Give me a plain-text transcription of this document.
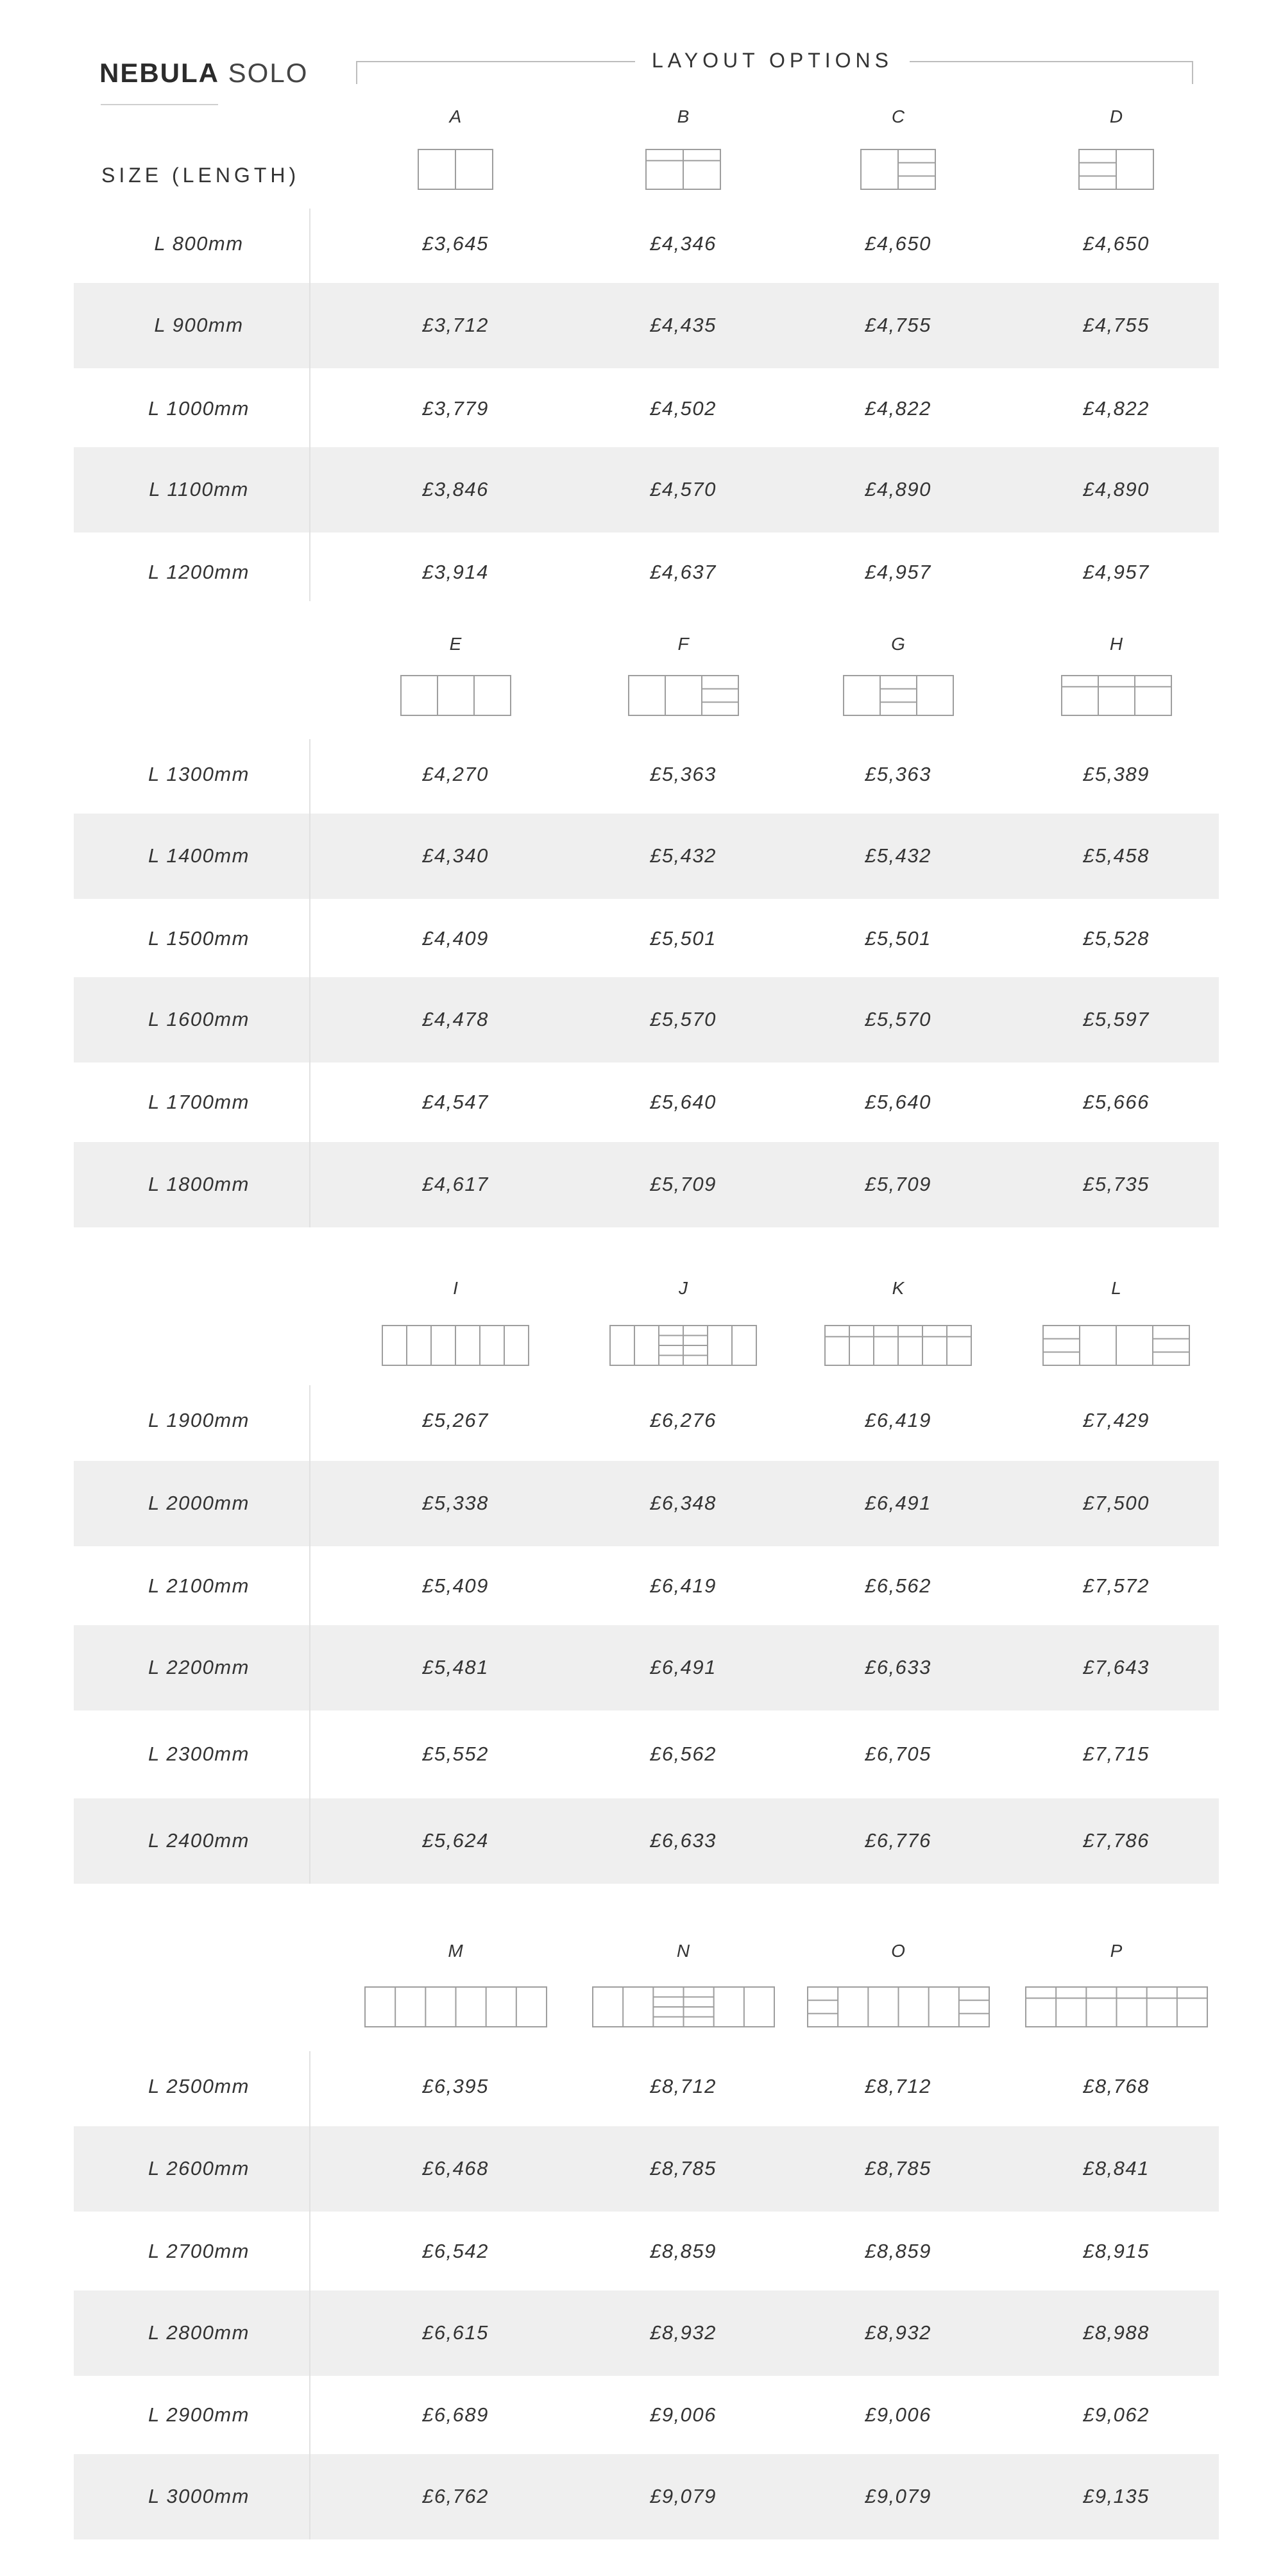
NEBULA SOLO	LAYOUT OPTIONS
SIZE (LENGTH)
A	B	C	D
L 800mm	£3,645	£4,346	£4,650	£4,650
L 900mm	£3,712	£4,435	£4,755	£4,755
L 1000mm	£3,779	£4,502	£4,822	£4,822
L 1100mm	£3,846	£4,570	£4,890	£4,890
L 1200mm	£3,914	£4,637	£4,957	£4,957
E	F	G	H
L 1300mm	£4,270	£5,363	£5,363	£5,389
L 1400mm	£4,340	£5,432	£5,432	£5,458
L 1500mm	£4,409	£5,501	£5,501	£5,528
L 1600mm	£4,478	£5,570	£5,570	£5,597
L 1700mm	£4,547	£5,640	£5,640	£5,666
L 1800mm	£4,617	£5,709	£5,709	£5,735
I	J	K	L
L 1900mm	£5,267	£6,276	£6,419	£7,429
L 2000mm	£5,338	£6,348	£6,491	£7,500
L 2100mm	£5,409	£6,419	£6,562	£7,572
L 2200mm	£5,481	£6,491	£6,633	£7,643
L 2300mm	£5,552	£6,562	£6,705	£7,715
L 2400mm	£5,624	£6,633	£6,776	£7,786
M	N	O	P
L 2500mm	£6,395	£8,712	£8,712	£8,768
L 2600mm	£6,468	£8,785	£8,785	£8,841
L 2700mm	£6,542	£8,859	£8,859	£8,915
L 2800mm	£6,615	£8,932	£8,932	£8,988
L 2900mm	£6,689	£9,006	£9,006	£9,062
L 3000mm	£6,762	£9,079	£9,079	£9,135
